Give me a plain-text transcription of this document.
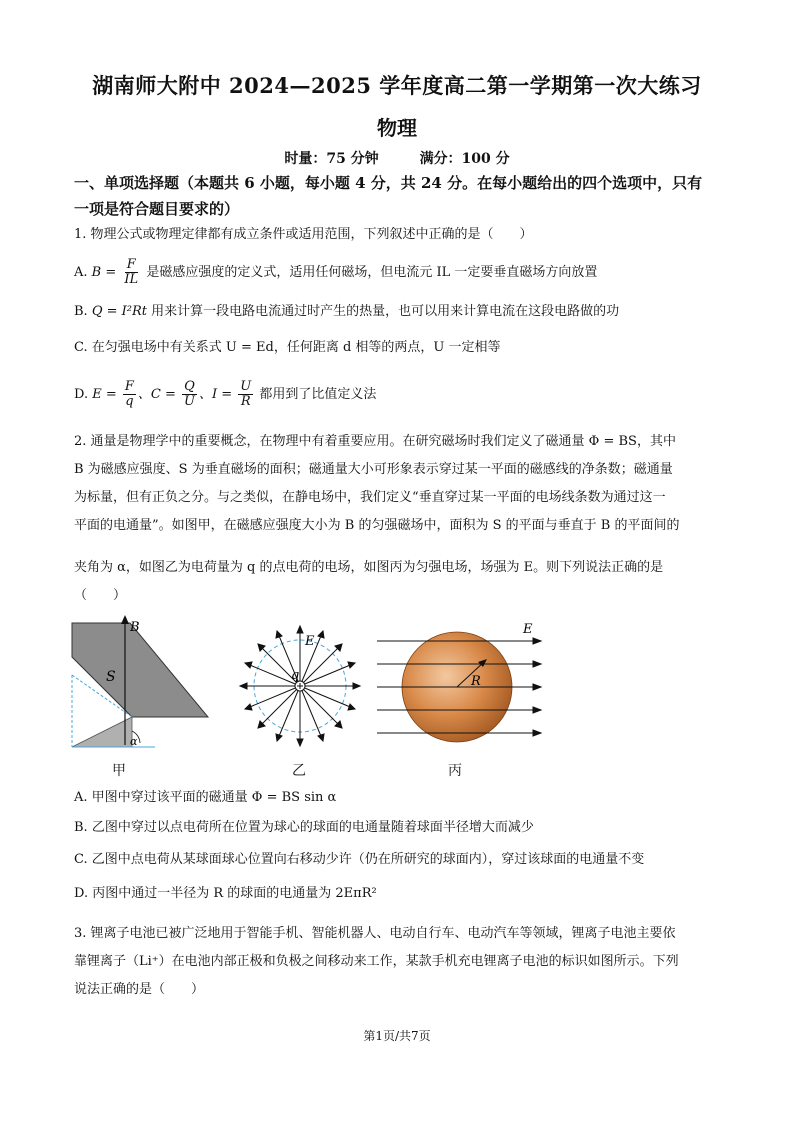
湖南师大附中 2024—2025 学年度高二第一学期第一次大练习
物理
时量：75 分钟	满分：100 分
一、单项选择题（本题共 6 小题，每小题 4 分，共 24 分。在每小题给出的四个选项中，只有
一项是符合题目要求的）
1. 物理公式或物理定律都有成立条件或适用范围，下列叙述中正确的是（　　）
A. $B = \frac{F}{IL}$ 是磁感应强度的定义式，适用任何磁场，但电流元 IL 一定要垂直磁场方向放置
B. Q = I²Rt 用来计算一段电路电流通过时产生的热量，也可以用来计算电流在这段电路做的功
C. 在匀强电场中有关系式 U = Ed，任何距离 d 相等的两点，U 一定相等
D. $E = \frac{F}{q}$ 、$C = \frac{Q}{U}$ 、$I = \frac{U}{R}$ 都用到了比值定义法
2. 通量是物理学中的重要概念，在物理中有着重要应用。在研究磁场时我们定义了磁通量 Φ = BS，其中
B 为磁感应强度、S 为垂直磁场的面积；磁通量大小可形象表示穿过某一平面的磁感线的净条数；磁通量
为标量，但有正负之分。与之类似，在静电场中，我们定义“垂直穿过某一平面的电场线条数为通过这一
平面的电通量”。如图甲，在磁感应强度大小为 B 的匀强磁场中，面积为 S 的平面与垂直于 B 的平面间的
夹角为 α，如图乙为电荷量为 q 的点电荷的电场，如图丙为匀强电场，场强为 E。则下列说法正确的是
（　　）
B
S
α
甲
E
q
乙
E
R
丙
A. 甲图中穿过该平面的磁通量 Φ = BS sin α
B. 乙图中穿过以点电荷所在位置为球心的球面的电通量随着球面半径增大而减少
C. 乙图中点电荷从某球面球心位置向右移动少许（仍在所研究的球面内），穿过该球面的电通量不变
D. 丙图中通过一半径为 R 的球面的电通量为 2EπR²
3. 锂离子电池已被广泛地用于智能手机、智能机器人、电动自行车、电动汽车等领域，锂离子电池主要依
靠锂离子（Li⁺）在电池内部正极和负极之间移动来工作，某款手机充电锂离子电池的标识如图所示。下列
说法正确的是（　　）
第1页/共7页
